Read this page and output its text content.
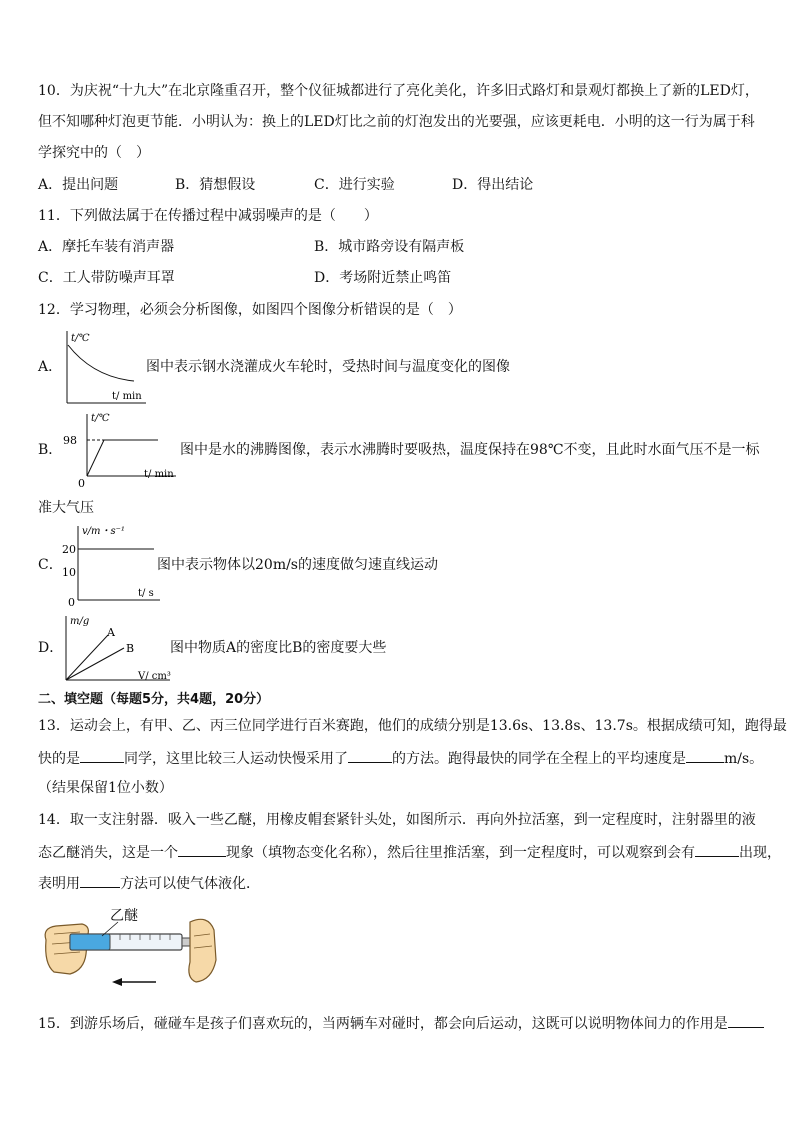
10．为庆祝“十九大”在北京隆重召开，整个仪征城都进行了亮化美化，许多旧式路灯和景观灯都换上了新的LED灯，
但不知哪种灯泡更节能．小明认为：换上的LED灯比之前的灯泡发出的光要强，应该更耗电．小明的这一行为属于科
学探究中的（　）
A．提出问题	B．猜想假设	C．进行实验	D．得出结论
11．下列做法属于在传播过程中减弱噪声的是（　　）
A．摩托车装有消声器	B．城市路旁设有隔声板
C．工人带防噪声耳罩	D．考场附近禁止鸣笛
12．学习物理，必须会分析图像，如图四个图像分析错误的是（　）
A．
t/℃
t/ min
图中表示钢水浇灌成火车轮时，受热时间与温度变化的图像
B．
98
0
t/℃
t/ min
图中是水的沸腾图像，表示水沸腾时要吸热，温度保持在98℃不变，且此时水面气压不是一标
准大气压
C．
20
10
0
v/m・s⁻¹
t/ s
图中表示物体以20m/s的速度做匀速直线运动
D．
A
B
m/g
V/ cm³
图中物质A的密度比B的密度要大些
二、填空题（每题5分，共4题，20分）
13．运动会上，有甲、乙、丙三位同学进行百米赛跑，他们的成绩分别是13.6s、13.8s、13.7s。根据成绩可知，跑得最
快的是	同学，这里比较三人运动快慢采用了	的方法。跑得最快的同学在全程上的平均速度是	m/s。
（结果保留1位小数）
14．取一支注射器．吸入一些乙醚，用橡皮帽套紧针头处，如图所示．再向外拉活塞，到一定程度时，注射器里的液
态乙醚消失，这是一个	现象（填物态变化名称），然后往里推活塞，到一定程度时，可以观察到会有	出现，
表明用	方法可以使气体液化．
乙醚
15．到游乐场后，碰碰车是孩子们喜欢玩的，当两辆车对碰时，都会向后运动，这既可以说明物体间力的作用是
